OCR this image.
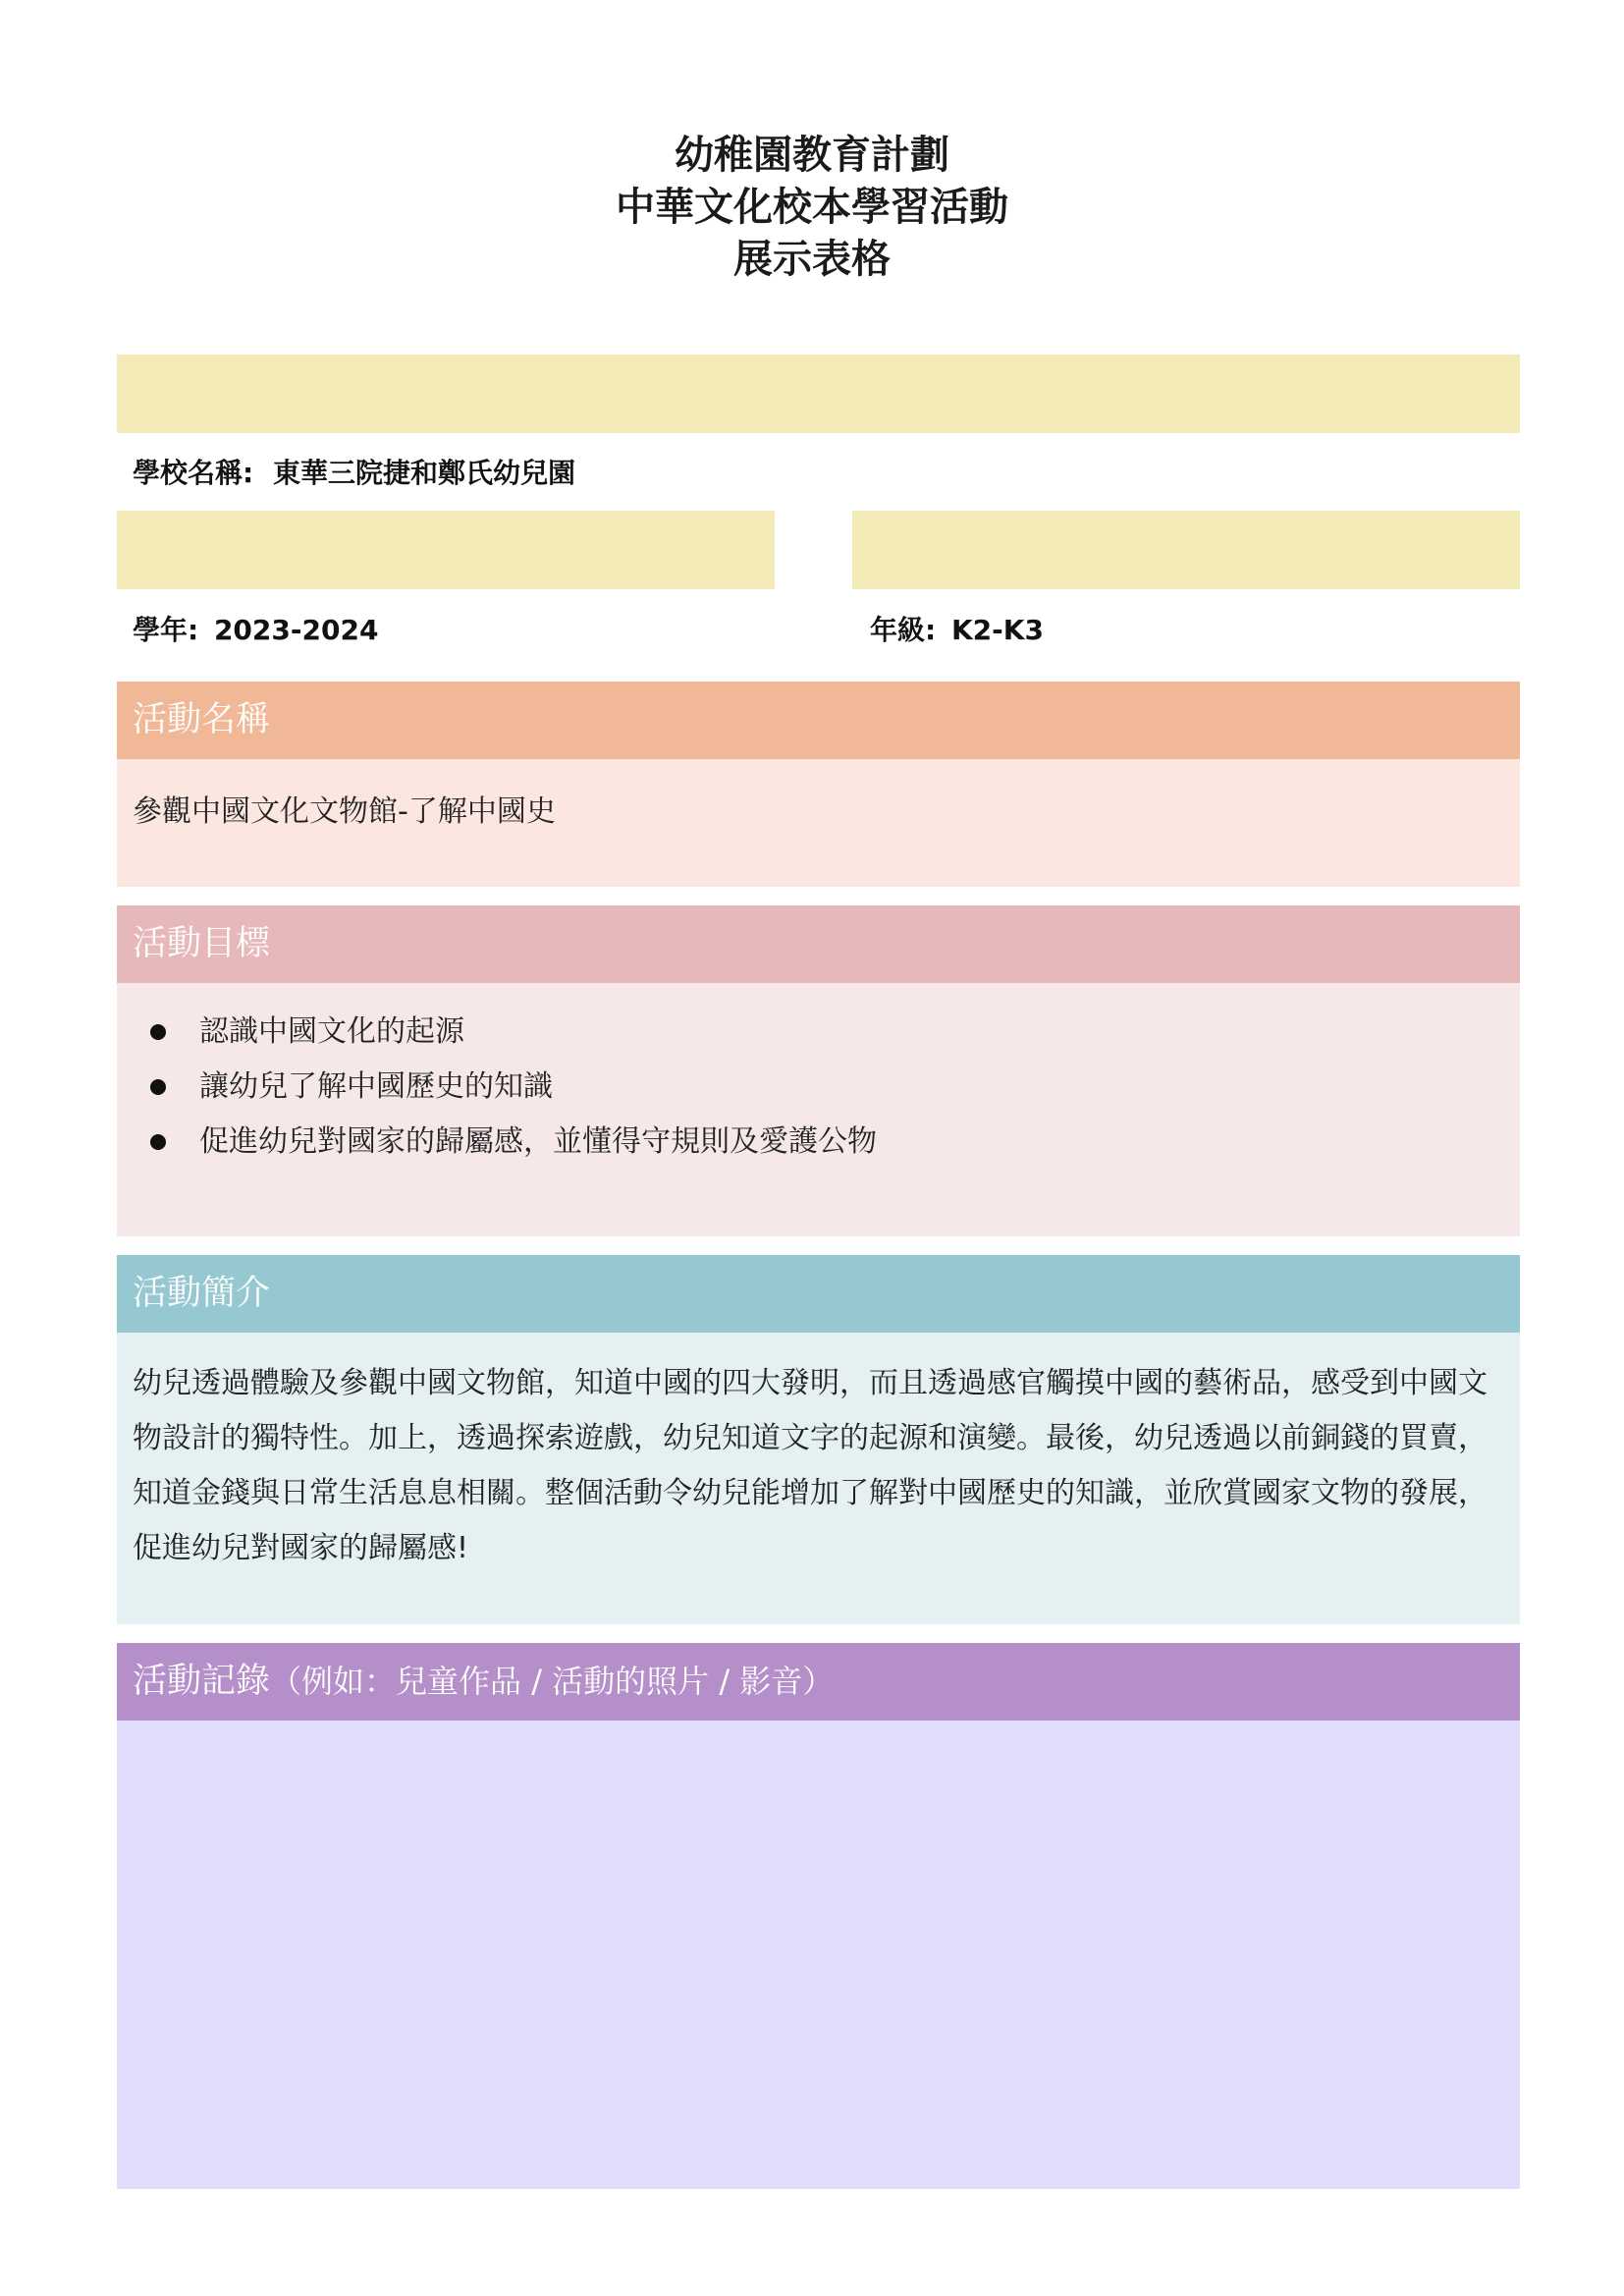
幼稚園教育計劃
中華文化校本學習活動
展示表格
學校名稱: 東華三院捷和鄭氏幼兒園
學年: 2023-2024	年級: K2-K3
活動名稱
參觀中國文化文物館-了解中國史
活動目標
認識中國文化的起源
讓幼兒了解中國歷史的知識
促進幼兒對國家的歸屬感，並懂得守規則及愛護公物
活動簡介
幼兒透過體驗及參觀中國文物館，知道中國的四大發明，而且透過感官觸摸中國的藝術品，感受到中國文物設計的獨特性。加上，透過探索遊戲，幼兒知道文字的起源和演變。最後，幼兒透過以前銅錢的買賣，知道金錢與日常生活息息相關。整個活動令幼兒能增加了解對中國歷史的知識，並欣賞國家文物的發展，促進幼兒對國家的歸屬感!
活動記錄（例如：兒童作品 / 活動的照片 / 影音）
